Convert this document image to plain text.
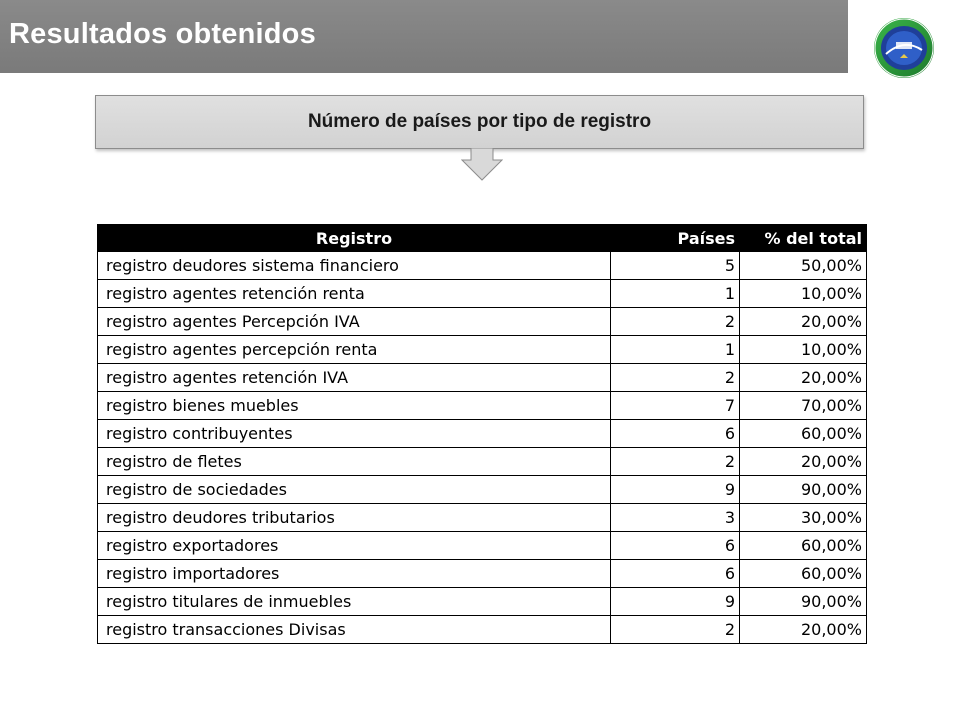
Resultados obtenidos
Número de países por tipo de registro
Registro	Países	% del total
registro deudores sistema financiero	5	50,00%
registro agentes retención renta	1	10,00%
registro agentes Percepción IVA	2	20,00%
registro agentes percepción renta	1	10,00%
registro agentes retención IVA	2	20,00%
registro bienes muebles	7	70,00%
registro contribuyentes	6	60,00%
registro de fletes	2	20,00%
registro de sociedades	9	90,00%
registro deudores tributarios	3	30,00%
registro exportadores	6	60,00%
registro importadores	6	60,00%
registro titulares de inmuebles	9	90,00%
registro transacciones Divisas	2	20,00%
